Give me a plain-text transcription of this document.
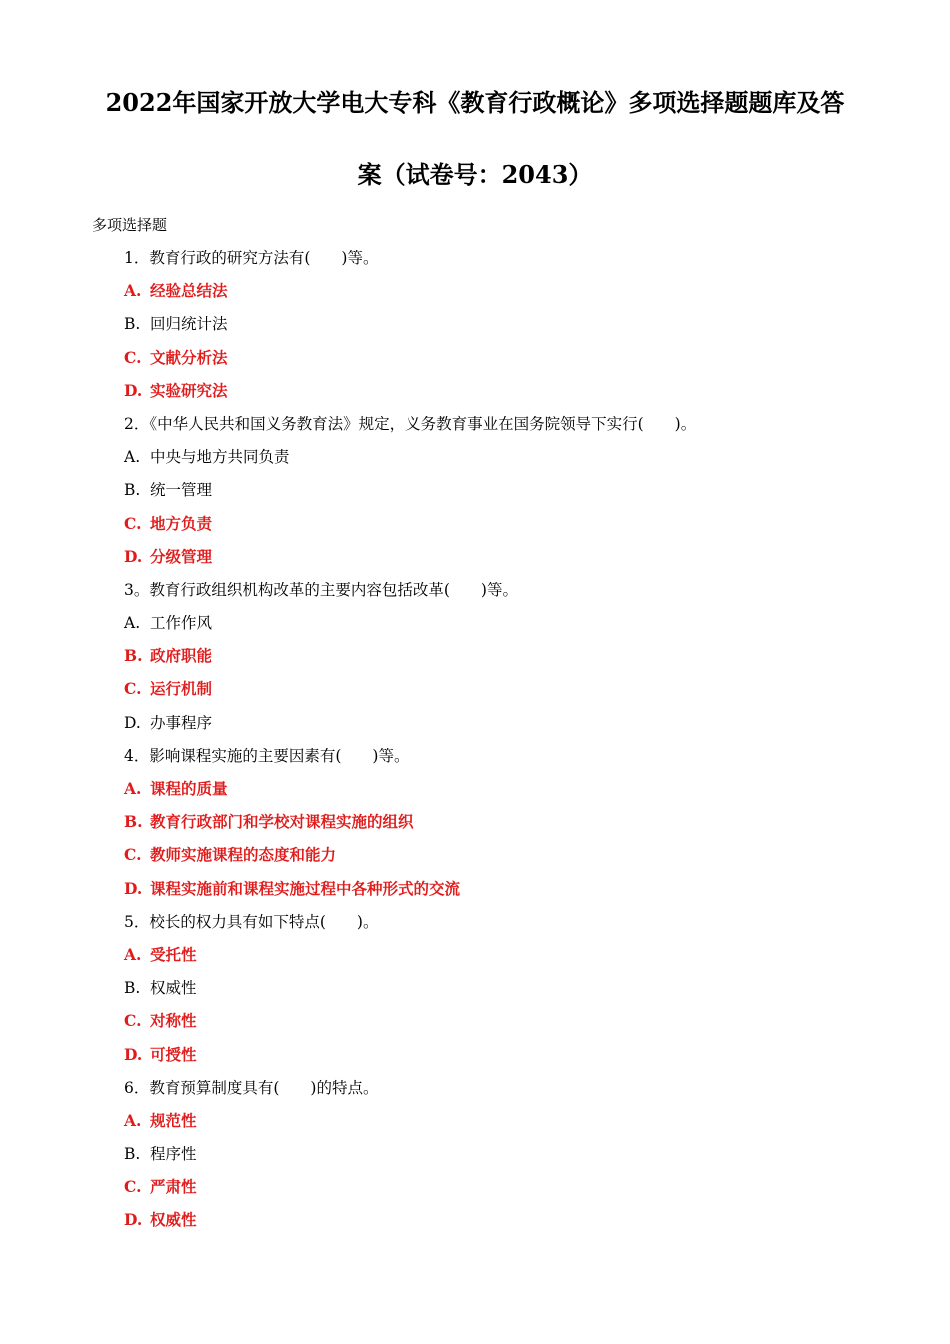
2022年国家开放大学电大专科《教育行政概论》多项选择题题库及答
案（试卷号：2043）

多项选择题

1．教育行政的研究方法有(　　)等。
A. 经验总结法
B. 回归统计法
C. 文献分析法
D. 实验研究法
2．《中华人民共和国义务教育法》规定，义务教育事业在国务院领导下实行(　　)。
A. 中央与地方共同负责
B. 统一管理
C. 地方负责
D. 分级管理
3。教育行政组织机构改革的主要内容包括改革(　　)等。
A. 工作作风
B. 政府职能
C. 运行机制
D. 办事程序
4．影响课程实施的主要因素有(　　)等。
A. 课程的质量
B. 教育行政部门和学校对课程实施的组织
C. 教师实施课程的态度和能力
D. 课程实施前和课程实施过程中各种形式的交流
5．校长的权力具有如下特点(　　)。
A. 受托性
B. 权威性
C. 对称性
D. 可授性
6．教育预算制度具有(　　)的特点。
A. 规范性
B. 程序性
C. 严肃性
D. 权威性
